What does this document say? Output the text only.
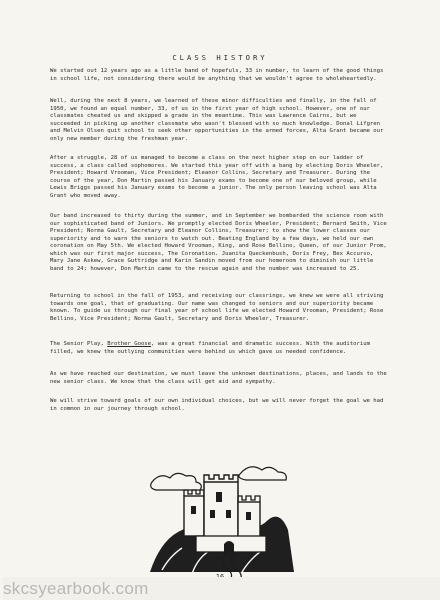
CLASS HISTORY

We started out 12 years ago as a little band of hopefuls, 33 in number, to learn of the good things in school life, not considering there would be anything that we wouldn't agree to wholeheartedly.

Well, during the next 8 years, we learned of these minor difficulties and finally, in the fall of 1950, we found an equal number, 33, of us in the first year of high school. However, one of our classmates cheated us and skipped a grade in the meantime. This was Lawrence Cairns, but we succeeded in picking up another classmate who wasn't blessed with so much knowledge. Donal Lifgren and Melvin Olsen quit school to seek other opportunities in the armed forces, Alta Grant became our only new member during the freshman year.

After a struggle, 28 of us managed to become a class on the next higher step on our ladder of success, a class called sophomores. We started this year off with a bang by electing Doris Wheeler, President; Howard Vrooman, Vice President; Eleanor Collins, Secretary and Treasurer. During the course of the year, Don Martin passed his January exams to become one of our beloved group, while Lewis Briggs passed his January exams to become a junior. The only person leaving school was Alta Grant who moved away.

Our band increased to thirty during the summer, and in September we bombarded the science room with our sophisticated band of Juniors. We promptly elected Doris Wheeler, President; Bernard Smith, Vice President; Norma Gault, Secretary and Eleanor Collins, Treasurer; to show the lower classes our superiority and to warn the seniors to watch out. Beating England by a few days, we held our own coronation on May 5th. We elected Howard Vrooman, King, and Rose Bellino, Queen, of our Junior Prom, which was our first major success, The Coronation. Juanita Queckenbush, Doris Frey, Bex Accurso, Mary Jane Askew, Grace Guttridge and Karin Sandin moved from our homeroom to diminish our little band to 24; however, Don Martin came to the rescue again and the number was increased to 25.

Returning to school in the fall of 1953, and receiving our classrings, we knew we were all striving towards one goal, that of graduating. Our name was changed to seniors and our superiority became known. To guide us through our final year of school life we elected Howard Vrooman, President; Rose Bellino, Vice President; Norma Gault, Secretary and Doris Wheeler, Treasurer.

The Senior Play, Brother Goose, was a great financial and dramatic success. With the auditorium filled, we knew the outlying communities were behind us which gave us needed confidence.

As we have reached our destination, we must leave the unknown destinations, places, and lands to the new senior class. We know that the class will get aid and sympathy.

We will strive toward goals of our own individual choices, but we will never forget the goal we had in common in our journey through school.

skcsyearbook.com
